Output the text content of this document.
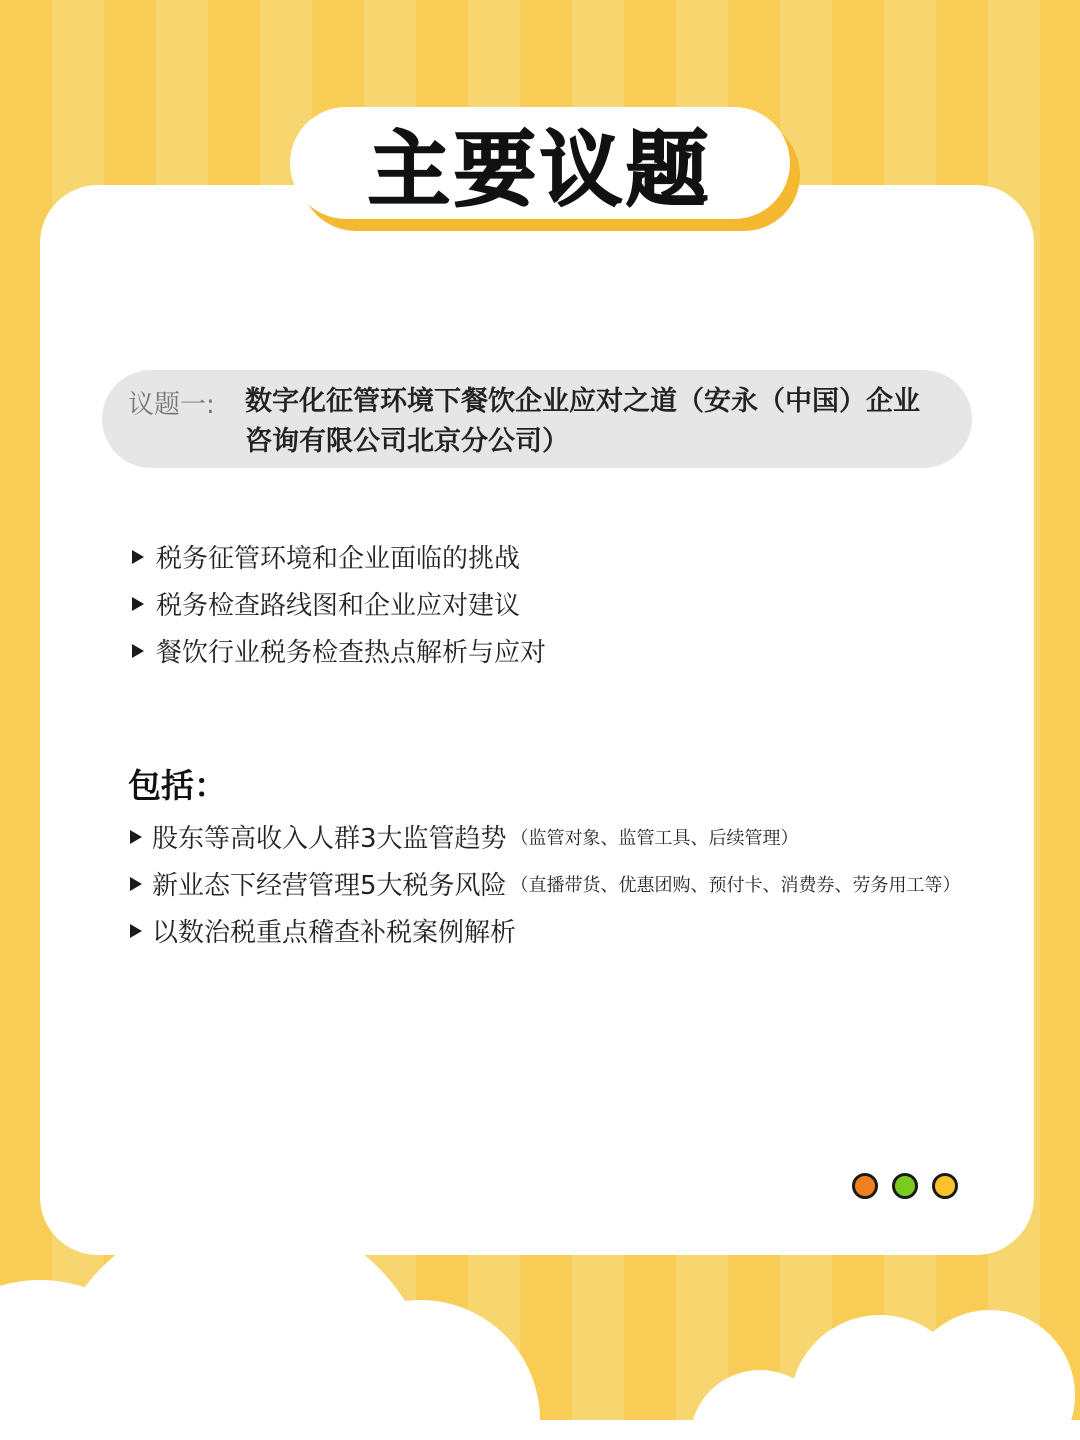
主要议题
议题一: 数字化征管环境下餐饮企业应对之道（安永（中国）企业咨询有限公司北京分公司）
税务征管环境和企业面临的挑战
税务检查路线图和企业应对建议
餐饮行业税务检查热点解析与应对
包括：
股东等高收入人群3大监管趋势 （监管对象、监管工具、后续管理）
新业态下经营管理5大税务风险 （直播带货、优惠团购、预付卡、消费券、劳务用工等）
以数治税重点稽查补税案例解析
